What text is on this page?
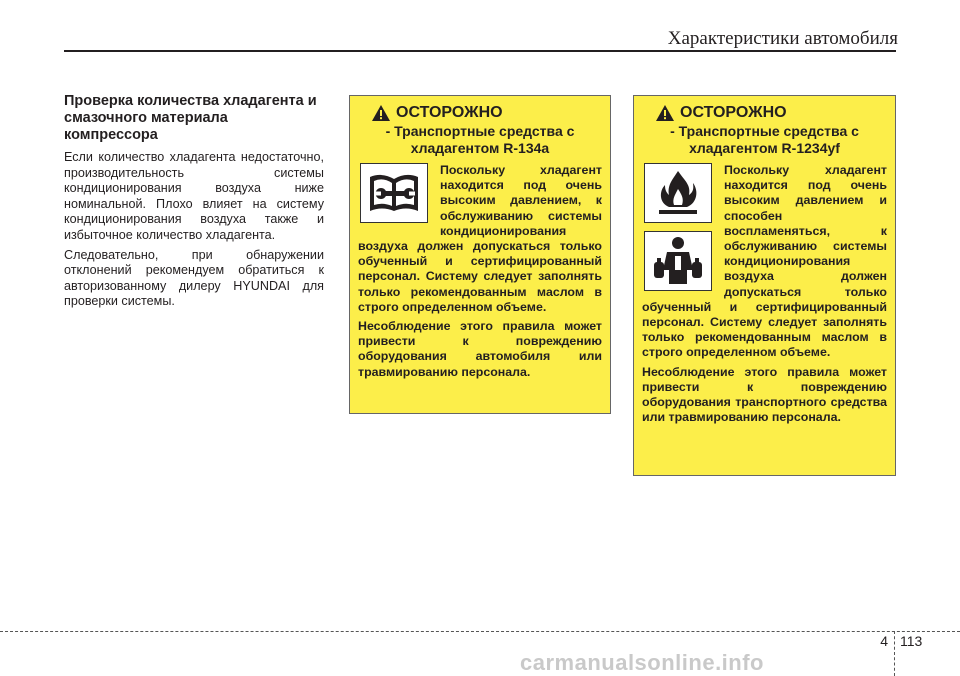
Характеристики автомобиля
Проверка количества хладагента и смазочного материала компрессора

Если количество хладагента недостаточно, производительность системы кондиционирования воздуха ниже номинальной. Плохо влияет на систему кондиционирования воздуха также и избыточное количество хладагента.

Следовательно, при обнаружении отклонений рекомендуем обратиться к авторизованному дилеру HYUNDAI для проверки системы.

ОСТОРОЖНО
- Транспортные средства с хладагентом R-134a

Поскольку хладагент находится под очень высоким давлением, к обслуживанию системы кондиционирования воздуха должен допускаться только обученный и сертифицированный персонал. Систему следует заполнять только рекомендованным маслом в строго определенном объеме.

Несоблюдение этого правила может привести к повреждению оборудования автомобиля или травмированию персонала.

ОСТОРОЖНО
- Транспортные средства с хладагентом R-1234yf

Поскольку хладагент находится под очень высоким давлением и способен воспламеняться, к обслуживанию системы кондиционирования воздуха должен допускаться только обученный и сертифицированный персонал. Систему следует заполнять только рекомендованным маслом в строго определенном объеме.

Несоблюдение этого правила может привести к повреждению оборудования транспортного средства или травмированию персонала.

4 113
carmanualsonline.info
